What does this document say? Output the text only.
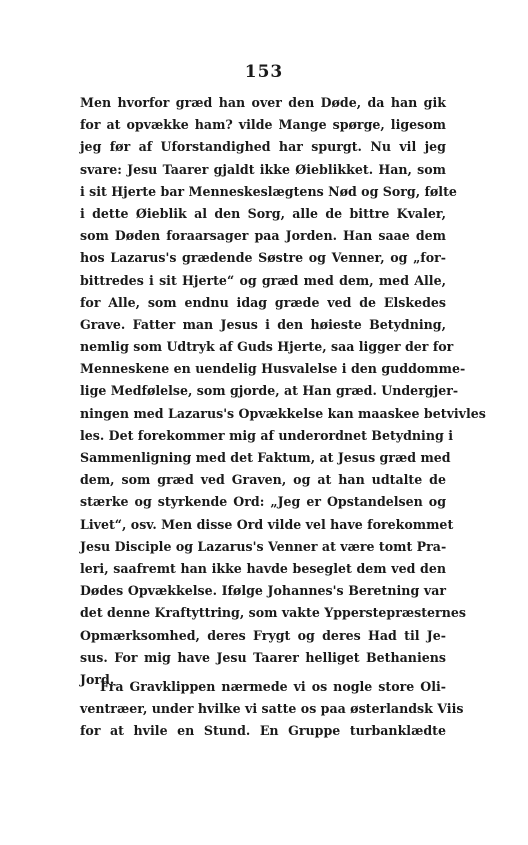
153
Men hvorfor græd han over den Døde, da han gik
for at opvække ham? vilde Mange spørge, ligesom
jeg før af Uforstandighed har spurgt. Nu vil jeg
svare: Jesu Taarer gjaldt ikke Øieblikket. Han, som
i sit Hjerte bar Menneskeslægtens Nød og Sorg, følte
i dette Øieblik al den Sorg, alle de bittre Kvaler,
som Døden foraarsager paa Jorden. Han saae dem
hos Lazarus's grædende Søstre og Venner, og „for-
bittredes i sit Hjerte“ og græd med dem, med Alle,
for Alle, som endnu idag græde ved de Elskedes
Grave. Fatter man Jesus i den høieste Betydning,
nemlig som Udtryk af Guds Hjerte, saa ligger der for
Menneskene en uendelig Husvalelse i den guddomme-
lige Medfølelse, som gjorde, at Han græd. Undergjer-
ningen med Lazarus's Opvækkelse kan maaskee betvivles
les. Det forekommer mig af underordnet Betydning i
Sammenligning med det Faktum, at Jesus græd med
dem, som græd ved Graven, og at han udtalte de
stærke og styrkende Ord: „Jeg er Opstandelsen og
Livet“, osv. Men disse Ord vilde vel have forekommet
Jesu Disciple og Lazarus's Venner at være tomt Pra-
leri, saafremt han ikke havde beseglet dem ved den
Dødes Opvækkelse. Ifølge Johannes's Beretning var
det denne Kraftyttring, som vakte Ypperstepræsternes
Opmærksomhed, deres Frygt og deres Had til Je-
sus. For mig have Jesu Taarer helliget Bethaniens
Jord.
Fra Gravklippen nærmede vi os nogle store Oli-
ventræer, under hvilke vi satte os paa østerlandsk Viis
for at hvile en Stund. En Gruppe turbanklædte
